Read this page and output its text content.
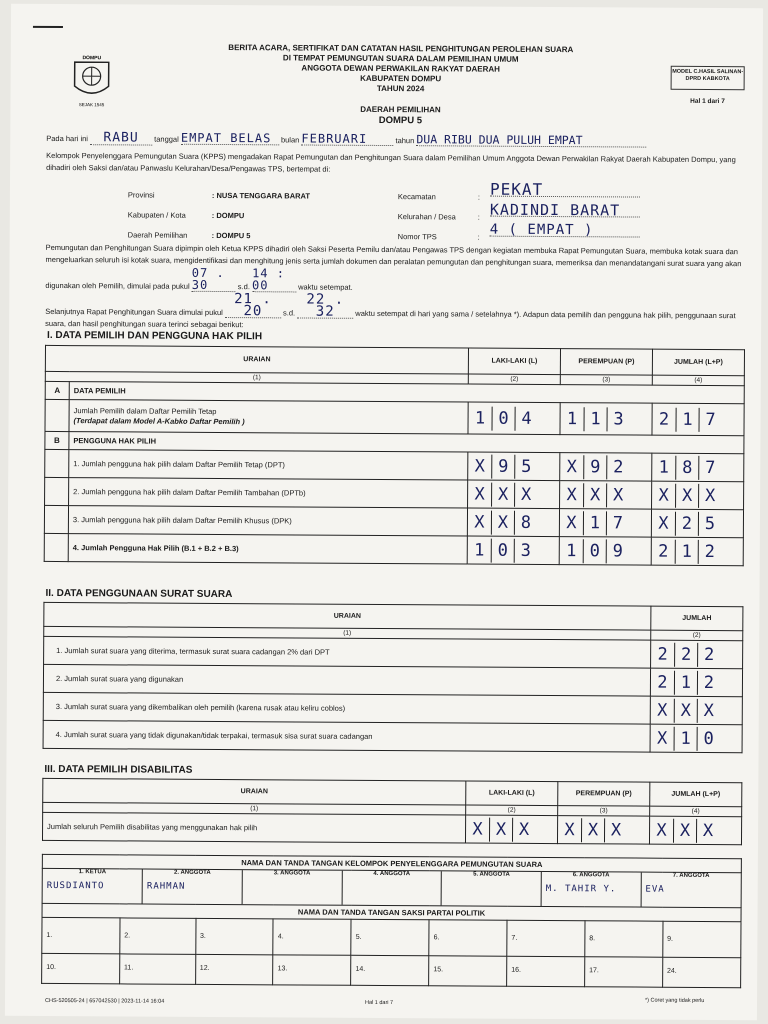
DOMPU
SEJAK 1545
BERITA ACARA, SERTIFIKAT DAN CATATAN HASIL PENGHITUNGAN PEROLEHAN SUARA
DI TEMPAT PEMUNGUTAN SUARA DALAM PEMILIHAN UMUM
ANGGOTA DEWAN PERWAKILAN RAKYAT DAERAH
KABUPATEN DOMPU
TAHUN 2024
MODEL C.HASIL SALINAN-DPRD KABKOTA
Hal 1 dari 7
DAERAH PEMILIHAN
DOMPU 5
Pada hari ini RABU tanggal EMPAT BELAS bulan FEBRUARI	tahun DUA RIBU DUA PULUH EMPAT
Kelompok Penyelenggara Pemungutan Suara (KPPS) mengadakan Rapat Pemungutan dan Penghitungan Suara dalam Pemilihan Umum Anggota Dewan Perwakilan Rakyat Daerah Kabupaten Dompu, yang dihadiri oleh Saksi dan/atau Panwaslu Kelurahan/Desa/Pengawas TPS, bertempat di:
Provinsi	: NUSA TENGGARA BARAT
Kabupaten / Kota	: DOMPU
Daerah Pemilihan	: DOMPU 5
Kecamatan	: PEKAT
Kelurahan / Desa	: KADINDI BARAT
Nomor TPS	: 4 ( EMPAT )
Pemungutan dan Penghitungan Suara dipimpin oleh Ketua KPPS dihadiri oleh Saksi Peserta Pemilu dan/atau Pengawas TPS dengan kegiatan membuka Rapat Pemungutan Suara, membuka kotak suara dan mengeluarkan seluruh isi kotak suara, mengidentifikasi dan menghitung jenis serta jumlah dokumen dan peralatan pemungutan dan penghitungan suara, memeriksa dan menandatangani surat suara yang akan digunakan oleh Pemilih, dimulai pada pukul 07 . 30	s.d. 14 : 00	waktu setempat.
Selanjutnya Rapat Penghitungan Suara dimulai pukul 21 . 20	s.d. 22 . 32	waktu setempat di hari yang sama / setelahnya *). Adapun data pemilih dan pengguna hak pilih, penggunaan surat suara, dan hasil penghitungan suara terinci sebagai berikut:
I. DATA PEMILIH DAN PENGGUNA HAK PILIH
URAIAN		LAKI-LAKI (L)	PEREMPUAN (P)	JUMLAH (L+P)
(1)		(2)	(3)	(4)
A	DATA PEMILIH			

	Jumlah Pemilih dalam Daftar Pemilih Tetap
(Terdapat dalam Model A-Kabko Daftar Pemilih )	1 0 4	1 1 3	2 1 7
B	PENGGUNA HAK PILIH			
	1. Jumlah pengguna hak pilih dalam Daftar Pemilih Tetap (DPT)	X 9 5	X 9 2	1 8 7
	2. Jumlah pengguna hak pilih dalam Daftar Pemilih Tambahan (DPTb)	X X X	X X X	X X X
	3. Jumlah pengguna hak pilih dalam Daftar Pemilih Khusus (DPK)	X X 8	X 1 7	X 2 5
	4. Jumlah Pengguna Hak Pilih (B.1 + B.2 + B.3)	1 0 3	1 0 9	2 1 2
II. DATA PENGGUNAAN SURAT SUARA
URAIAN	JUMLAH
(1)	(2)
1. Jumlah surat suara yang diterima, termasuk surat suara cadangan 2% dari DPT	2 2 2
2. Jumlah surat suara yang digunakan	2 1 2
3. Jumlah surat suara yang dikembalikan oleh pemilih (karena rusak atau keliru coblos)	X X X
4. Jumlah surat suara yang tidak digunakan/tidak terpakai, termasuk sisa surat suara cadangan	X 1 0
III. DATA PEMILIH DISABILITAS
URAIAN	LAKI-LAKI (L)	PEREMPUAN (P)	JUMLAH (L+P)
(1)	(2)	(3)	(4)
Jumlah seluruh Pemilih disabilitas yang menggunakan hak pilih	X X X	X X X	X X X
NAMA DAN TANDA TANGAN KELOMPOK PENYELENGGARA PEMUNGUTAN SUARA

1. KETUA
RUSDIANTO

2. ANGGOTA
RAHMAN

3. ANGGOTA	4. ANGGOTA	5. ANGGOTA	6. ANGGOTA
M. TAHIR Y.

7. ANGGOTA
EVA

NAMA DAN TANDA TANGAN SAKSI PARTAI POLITIK
1.	2.	3.	4.	5.	6.	7.	8.	9.
10.	11.	12.	13.	14.	15.	16.	17.	24.
CHS-520505-24 | 657042530 | 2023-11-14 16:04	Hal 1 dari 7	*) Coret yang tidak perlu
